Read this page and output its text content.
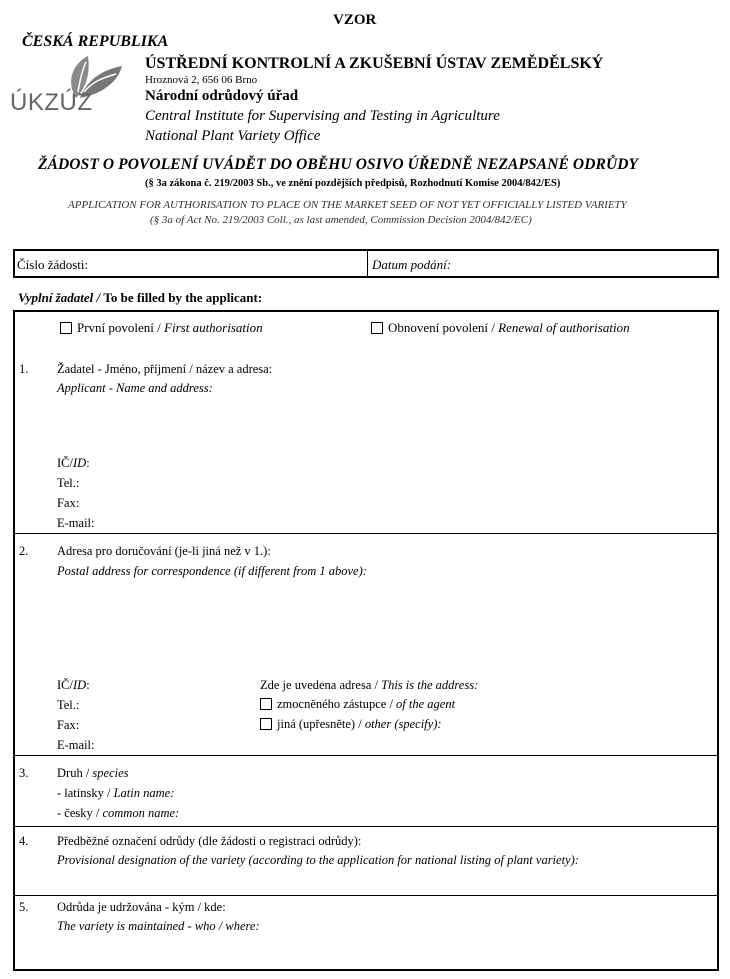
VZOR
ČESKÁ REPUBLIKA
ÚKZÚZ
ÚSTŘEDNÍ KONTROLNÍ A ZKUŠEBNÍ ÚSTAV ZEMĚDĚLSKÝ
Hroznová 2, 656 06 Brno
Národní odrůdový úřad
Central Institute for Supervising and Testing in Agriculture
National Plant Variety Office
ŽÁDOST O POVOLENÍ UVÁDĚT DO OBĚHU OSIVO ÚŘEDNĚ NEZAPSANÉ ODRŮDY
(§ 3a zákona č. 219/2003 Sb., ve znění pozdějších předpisů, Rozhodnutí Komise 2004/842/ES)
APPLICATION FOR AUTHORISATION TO PLACE ON THE MARKET SEED OF NOT YET OFFICIALLY LISTED VARIETY
(§ 3a of Act No. 219/2003 Coll., as last amended, Commission Decision 2004/842/EC)
Číslo žádosti:	Datum podání:
Vyplní žadatel / To be filled by the applicant:
První povolení / First authorisation	Obnovení povolení / Renewal of authorisation
1. Žadatel - Jméno, příjmení / název a adresa:
Applicant - Name and address:
IČ/ID:
Tel.:
Fax:
E-mail:
2. Adresa pro doručování (je-li jiná než v 1.):
Postal address for correspondence (if different from 1 above):
IČ/ID:
Tel.:
Fax:
E-mail:
Zde je uvedena adresa / This is the address:
zmocněného zástupce / of the agent
jiná (upřesněte) / other (specify):
3. Druh / species
- latinsky / Latin name:
- česky / common name:
4. Předběžné označení odrůdy (dle žádosti o registraci odrůdy):
Provisional designation of the variety (according to the application for national listing of plant variety):
5. Odrůda je udržována - kým / kde:
The variety is maintained - who / where:
